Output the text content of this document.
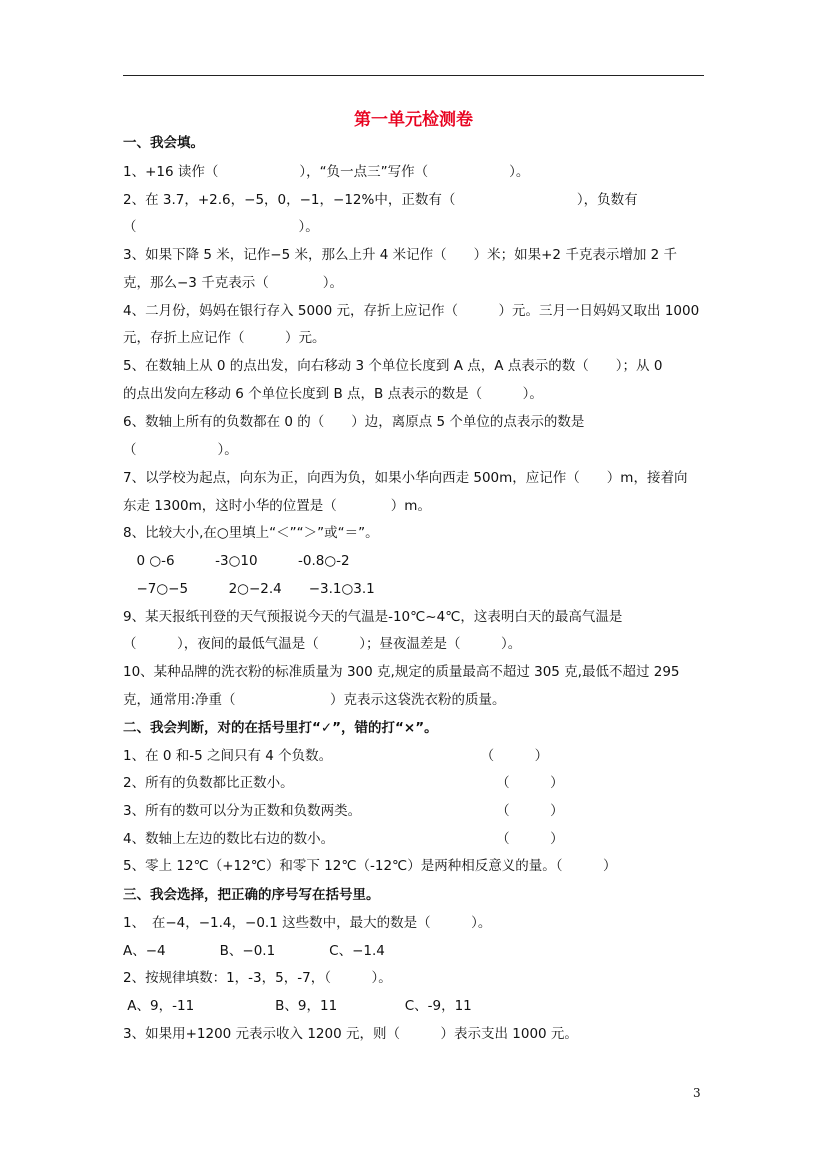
第一单元检测卷
一、我会填。
1、+16 读作（　　　　　　），“负一点三”写作（　　　　　　）。
2、在 3.7，+2.6，−5，0，−1，−12%中，正数有（　　　　　　　　　），负数有
（　　　　　　　　　　　　）。
3、如果下降 5 米，记作−5 米，那么上升 4 米记作（　　）米；如果+2 千克表示增加 2 千
克，那么−3 千克表示（　　　　）。
4、二月份，妈妈在银行存入 5000 元，存折上应记作（　　　）元。三月一日妈妈又取出 1000
元，存折上应记作（　　　）元。
5、在数轴上从 0 的点出发，向右移动 3 个单位长度到 A 点，A 点表示的数（　　）；从 0
的点出发向左移动 6 个单位长度到 B 点，B 点表示的数是（　　　）。
6、数轴上所有的负数都在 0 的（　　）边，离原点 5 个单位的点表示的数是
（　　　　　　）。
7、以学校为起点，向东为正，向西为负，如果小华向西走 500m，应记作（　　）m，接着向
东走 1300m，这时小华的位置是（　　　　）m。
8、比较大小,在○里填上“＜”“＞”或“＝”。
　0 ○-6　　　-3○10　　　-0.8○-2
　−7○−5　　　2○−2.4　　−3.1○3.1
9、某天报纸刊登的天气预报说今天的气温是-10℃~4℃，这表明白天的最高气温是
（　　　），夜间的最低气温是（　　　）；昼夜温差是（　　　）。
10、某种品牌的洗衣粉的标准质量为 300 克,规定的质量最高不超过 305 克,最低不超过 295
克，通常用:净重（　　　　　　　）克表示这袋洗衣粉的质量。
二、我会判断，对的在括号里打“✓”，错的打“×”。
1、在 0 和-5 之间只有 4 个负数。　　　　　　　　　　　　（　　　）
2、所有的负数都比正数小。　　　　　　　　　　　　　　　　（　　　）
3、所有的数可以分为正数和负数两类。　　　　　　　　　　　（　　　）
4、数轴上左边的数比右边的数小。　　　　　　　　　　　　　（　　　）
5、零上 12℃（+12℃）和零下 12℃（-12℃）是两种相反意义的量。（　　　）
三、我会选择，把正确的序号写在括号里。
1、　在−4，−1.4，−0.1 这些数中，最大的数是（　　　）。
A、−4　　　　B、−0.1　　　　C、−1.4
2、按规律填数：1，-3，5，-7，（　　　）。
A、9，-11　　　　　　B、9，11　　　　　C、-9，11
3、如果用+1200 元表示收入 1200 元，则（　　　）表示支出 1000 元。
3
